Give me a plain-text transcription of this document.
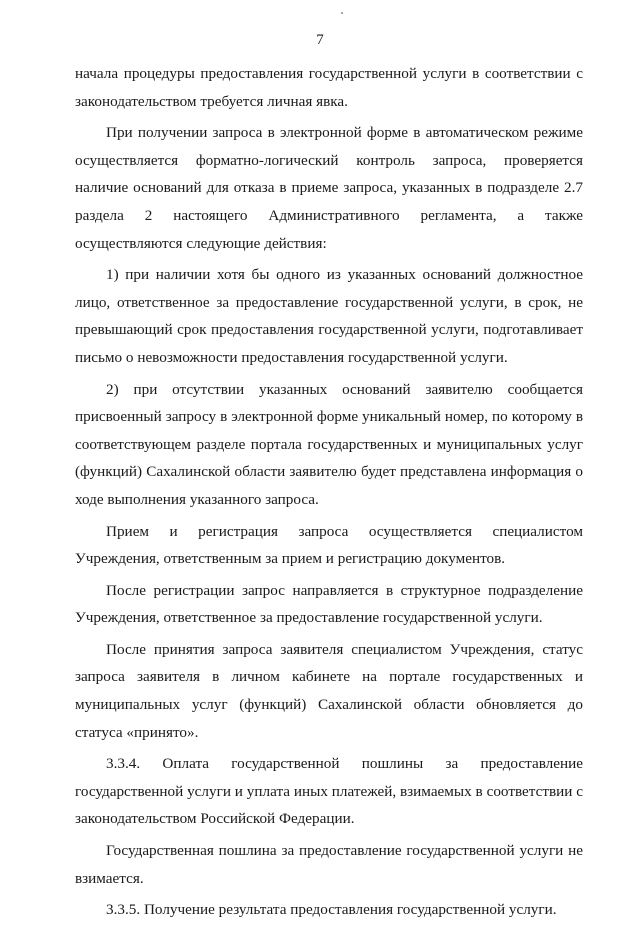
7

начала процедуры предоставления государственной услуги в соответствии с законодательством требуется личная явка.

При получении запроса в электронной форме в автоматическом режиме осуществляется форматно-логический контроль запроса, проверяется наличие оснований для отказа в приеме запроса, указанных в подразделе 2.7 раздела 2 настоящего Административного регламента, а также осуществляются следующие действия:

1) при наличии хотя бы одного из указанных оснований должностное лицо, ответственное за предоставление государственной услуги, в срок, не превышающий срок предоставления государственной услуги, подготавливает письмо о невозможности предоставления государственной услуги.

2) при отсутствии указанных оснований заявителю сообщается присвоенный запросу в электронной форме уникальный номер, по которому в соответствующем разделе портала государственных и муниципальных услуг (функций) Сахалинской области заявителю будет представлена информация о ходе выполнения указанного запроса.

Прием и регистрация запроса осуществляется специалистом Учреждения, ответственным за прием и регистрацию документов.

После регистрации запрос направляется в структурное подразделение Учреждения, ответственное за предоставление государственной услуги.

После принятия запроса заявителя специалистом Учреждения, статус запроса заявителя в личном кабинете на портале государственных и муниципальных услуг (функций) Сахалинской области обновляется до статуса «принято».

3.3.4. Оплата государственной пошлины за предоставление государственной услуги и уплата иных платежей, взимаемых в соответствии с законодательством Российской Федерации.

Государственная пошлина за предоставление государственной услуги не взимается.

3.3.5. Получение результата предоставления государственной услуги.
